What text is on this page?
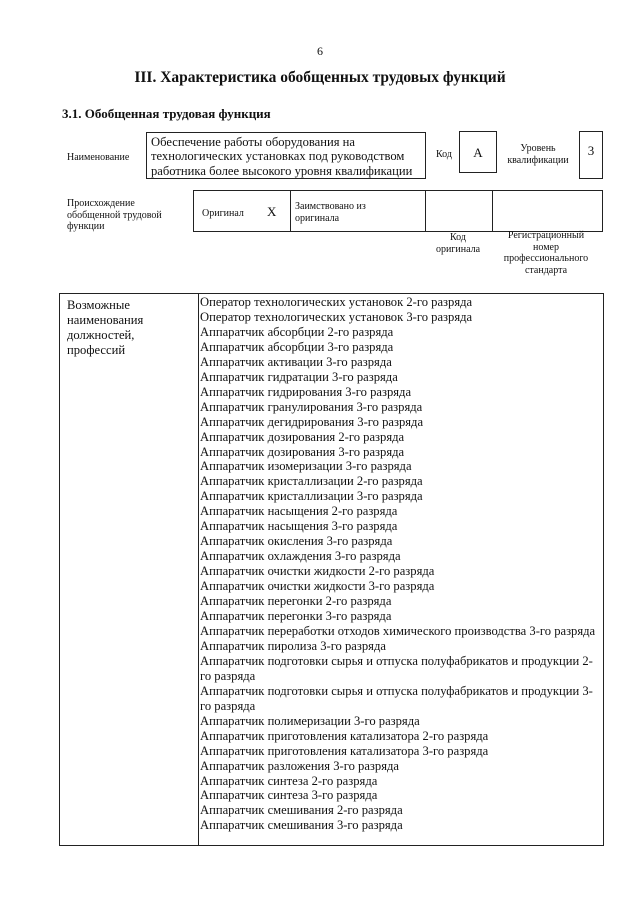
6
III. Характеристика обобщенных трудовых функций
3.1. Обобщенная трудовая функция
Наименование
Обеспечение работы оборудования на
технологических установках под руководством
работника более высокого уровня квалификации
Код	А	Уровень
квалификации
3
Происхождение
обобщенной трудовой
функции
Оригинал X Заимствовано из
оригинала
Код
оригинала
Регистрационный
номер
профессионального
стандарта
Возможные
наименования
должностей,
профессий
Оператор технологических установок 2-го разряда
Оператор технологических установок 3-го разряда
Аппаратчик абсорбции 2-го разряда
Аппаратчик абсорбции 3-го разряда
Аппаратчик активации 3-го разряда
Аппаратчик гидратации 3-го разряда
Аппаратчик гидрирования 3-го разряда
Аппаратчик гранулирования 3-го разряда
Аппаратчик дегидрирования 3-го разряда
Аппаратчик дозирования 2-го разряда
Аппаратчик дозирования 3-го разряда
Аппаратчик изомеризации 3-го разряда
Аппаратчик кристаллизации 2-го разряда
Аппаратчик кристаллизации 3-го разряда
Аппаратчик насыщения 2-го разряда
Аппаратчик насыщения 3-го разряда
Аппаратчик окисления 3-го разряда
Аппаратчик охлаждения 3-го разряда
Аппаратчик очистки жидкости 2-го разряда
Аппаратчик очистки жидкости 3-го разряда
Аппаратчик перегонки 2-го разряда
Аппаратчик перегонки 3-го разряда
Аппаратчик переработки отходов химического производства 3-го разряда
Аппаратчик пиролиза 3-го разряда
Аппаратчик подготовки сырья и отпуска полуфабрикатов и продукции 2-го разряда
Аппаратчик подготовки сырья и отпуска полуфабрикатов и продукции 3-го разряда
Аппаратчик полимеризации 3-го разряда
Аппаратчик приготовления катализатора 2-го разряда
Аппаратчик приготовления катализатора 3-го разряда
Аппаратчик разложения 3-го разряда
Аппаратчик синтеза 2-го разряда
Аппаратчик синтеза 3-го разряда
Аппаратчик смешивания 2-го разряда
Аппаратчик смешивания 3-го разряда
